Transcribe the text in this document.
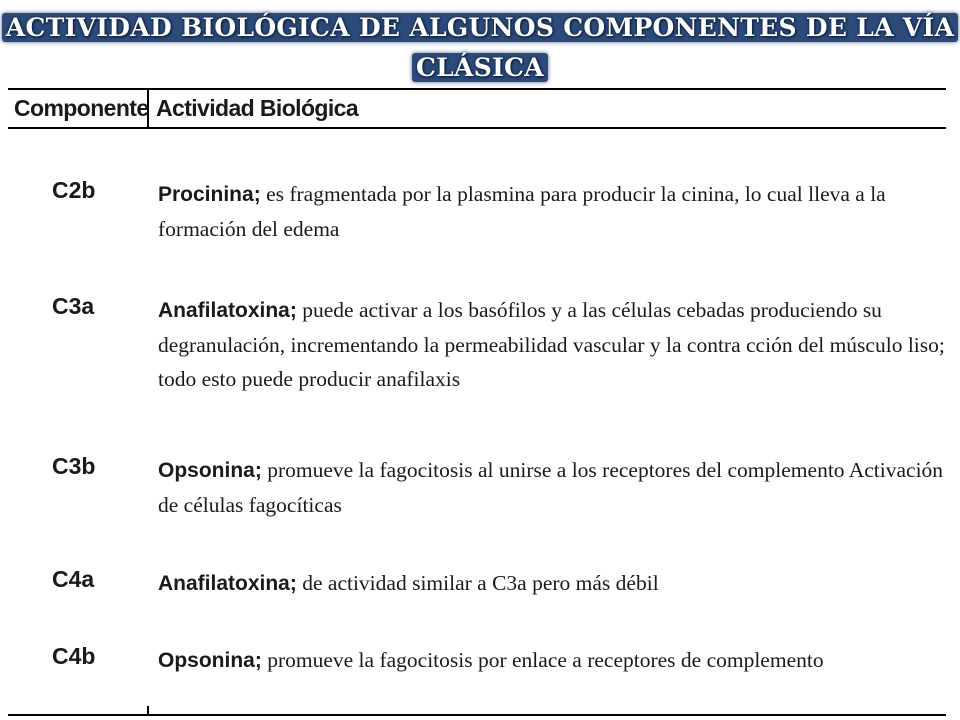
ACTIVIDAD BIOLÓGICA DE ALGUNOS COMPONENTES DE LA VÍA
CLÁSICA
Componente Actividad Biológica
C2b	Procinina; es fragmentada por la plasmina para producir la cinina, lo cual lleva a la formación del edema
C3a	Anafilatoxina; puede activar a los basófilos y a las células cebadas produciendo su degranulación, incrementando la permeabilidad vascular y la contra cción del músculo liso; todo esto puede producir anafilaxis
C3b	Opsonina; promueve la fagocitosis al unirse a los receptores del complemento Activación de células fagocíticas
C4a	Anafilatoxina; de actividad similar a C3a pero más débil
C4b	Opsonina; promueve la fagocitosis por enlace a receptores de complemento
